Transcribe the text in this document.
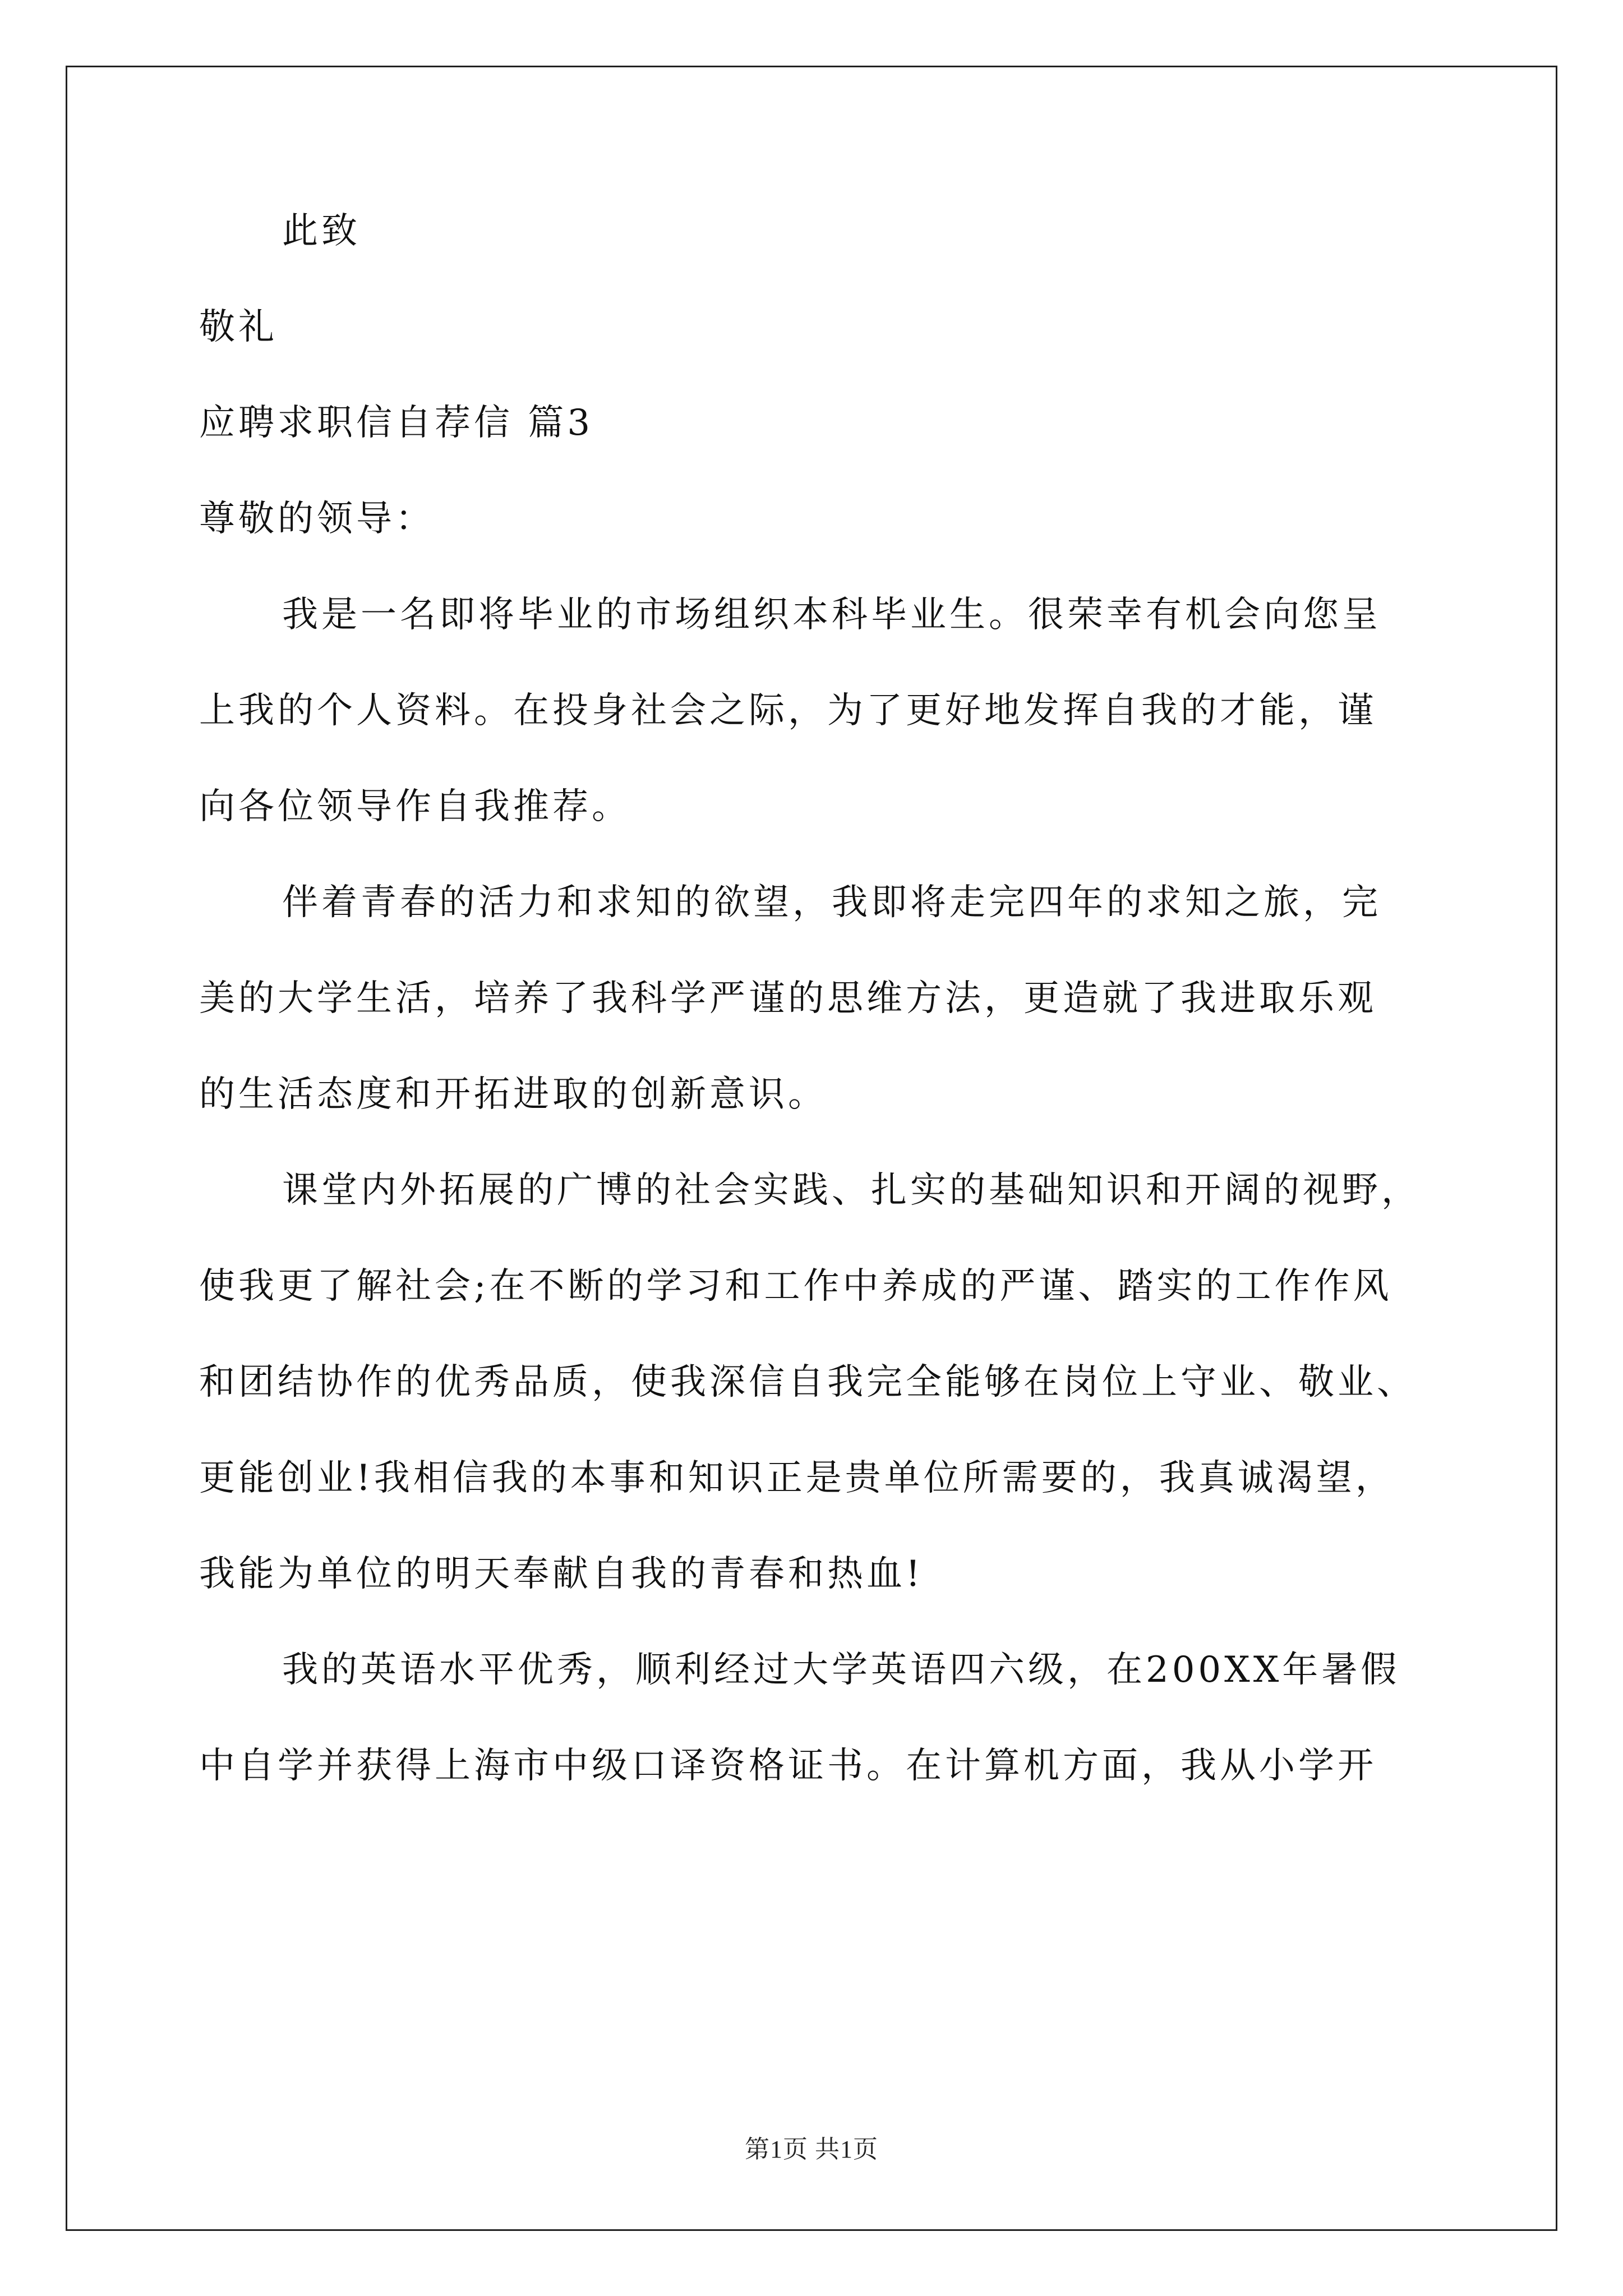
此致
敬礼
应聘求职信自荐信 篇3
尊敬的领导：
我是一名即将毕业的市场组织本科毕业生。很荣幸有机会向您呈
上我的个人资料。在投身社会之际，为了更好地发挥自我的才能，谨
向各位领导作自我推荐。
伴着青春的活力和求知的欲望，我即将走完四年的求知之旅，完
美的大学生活，培养了我科学严谨的思维方法，更造就了我进取乐观
的生活态度和开拓进取的创新意识。
课堂内外拓展的广博的社会实践、扎实的基础知识和开阔的视野，
使我更了解社会;在不断的学习和工作中养成的严谨、踏实的工作作风
和团结协作的优秀品质，使我深信自我完全能够在岗位上守业、敬业、
更能创业!我相信我的本事和知识正是贵单位所需要的，我真诚渴望，
我能为单位的明天奉献自我的青春和热血!
我的英语水平优秀，顺利经过大学英语四六级，在200XX年暑假
中自学并获得上海市中级口译资格证书。在计算机方面，我从小学开
第1页 共1页
